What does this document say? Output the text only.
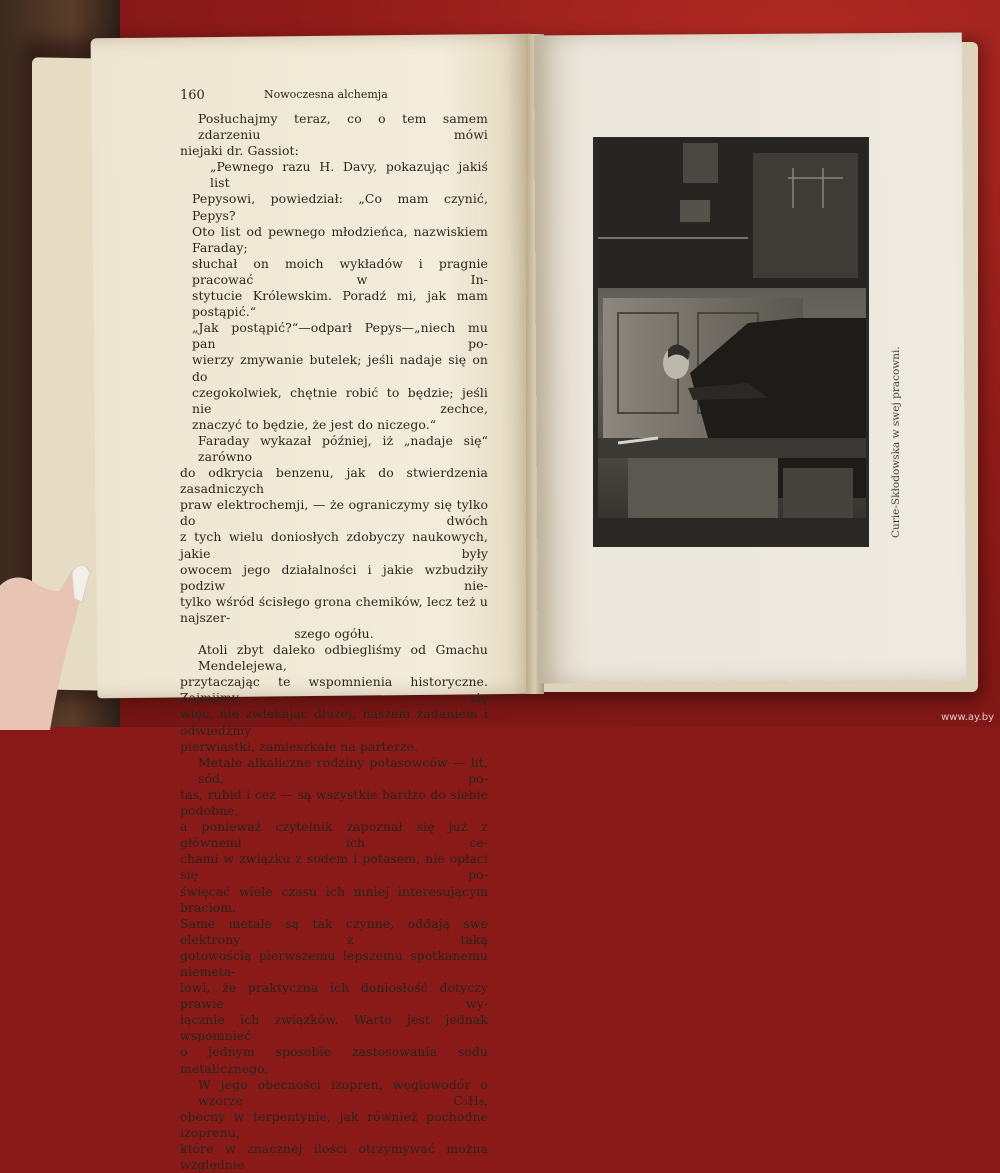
160	Nowoczesna alchemja
Posłuchajmy teraz, co o tem samem zdarzeniu mówi
niejaki dr. Gassiot:
„Pewnego razu H. Davy, pokazując jakiś list
Pepysowi, powiedział: „Co mam czynić, Pepys?
Oto list od pewnego młodzieńca, nazwiskiem Faraday;
słuchał on moich wykładów i pragnie pracować w In-
stytucie Królewskim. Poradź mi, jak mam postąpić.“
„Jak postąpić?“—odparł Pepys—„niech mu pan po-
wierzy zmywanie butelek; jeśli nadaje się on do
czegokolwiek, chętnie robić to będzie; jeśli nie zechce,
znaczyć to będzie, że jest do niczego.“
Faraday wykazał później, iż „nadaje się“ zarówno
do odkrycia benzenu, jak do stwierdzenia zasadniczych
praw elektrochemji, — że ograniczymy się tylko do dwóch
z tych wielu doniosłych zdobyczy naukowych, jakie były
owocem jego działalności i jakie wzbudziły podziw nie-
tylko wśród ścisłego grona chemików, lecz też u najszer-
szego ogółu.
Atoli zbyt daleko odbiegliśmy od Gmachu Mendelejewa,
przytaczając te wspomnienia historyczne. Zajmijmy się
więc, nie zwlekając dłużej, naszem zadaniem i odwiedźmy
pierwiastki, zamieszkałe na parterze.
Metale alkaliczne rodziny potasowców — lit, sód, po-
tas, rubid i cez — są wszystkie bardzo do siebie podobne,
a ponieważ czytelnik zapoznał się już z głównemi ich ce-
chami w związku z sodem i potasem, nie opłaci się po-
święcać wiele czasu ich mniej interesującym braciom.
Same metale są tak czynne, oddają swe elektrony z taką
gotowością pierwszemu lepszemu spotkanemu niemeta-
lowi, że praktyczna ich doniosłość dotyczy prawie wy-
łącznie ich związków. Warto jest jednak wspomnieć
o jednym sposobie zastosowania sodu metalicznego.
W jego obecności izopren, węglowodór o wzorze C₅H₈,
obecny w terpentynie, jak również pochodne izoprenu,
które w znacznej ilości otrzymywać można względnie
Curie-Skłodowska w swej pracowni.
www.ay.by
